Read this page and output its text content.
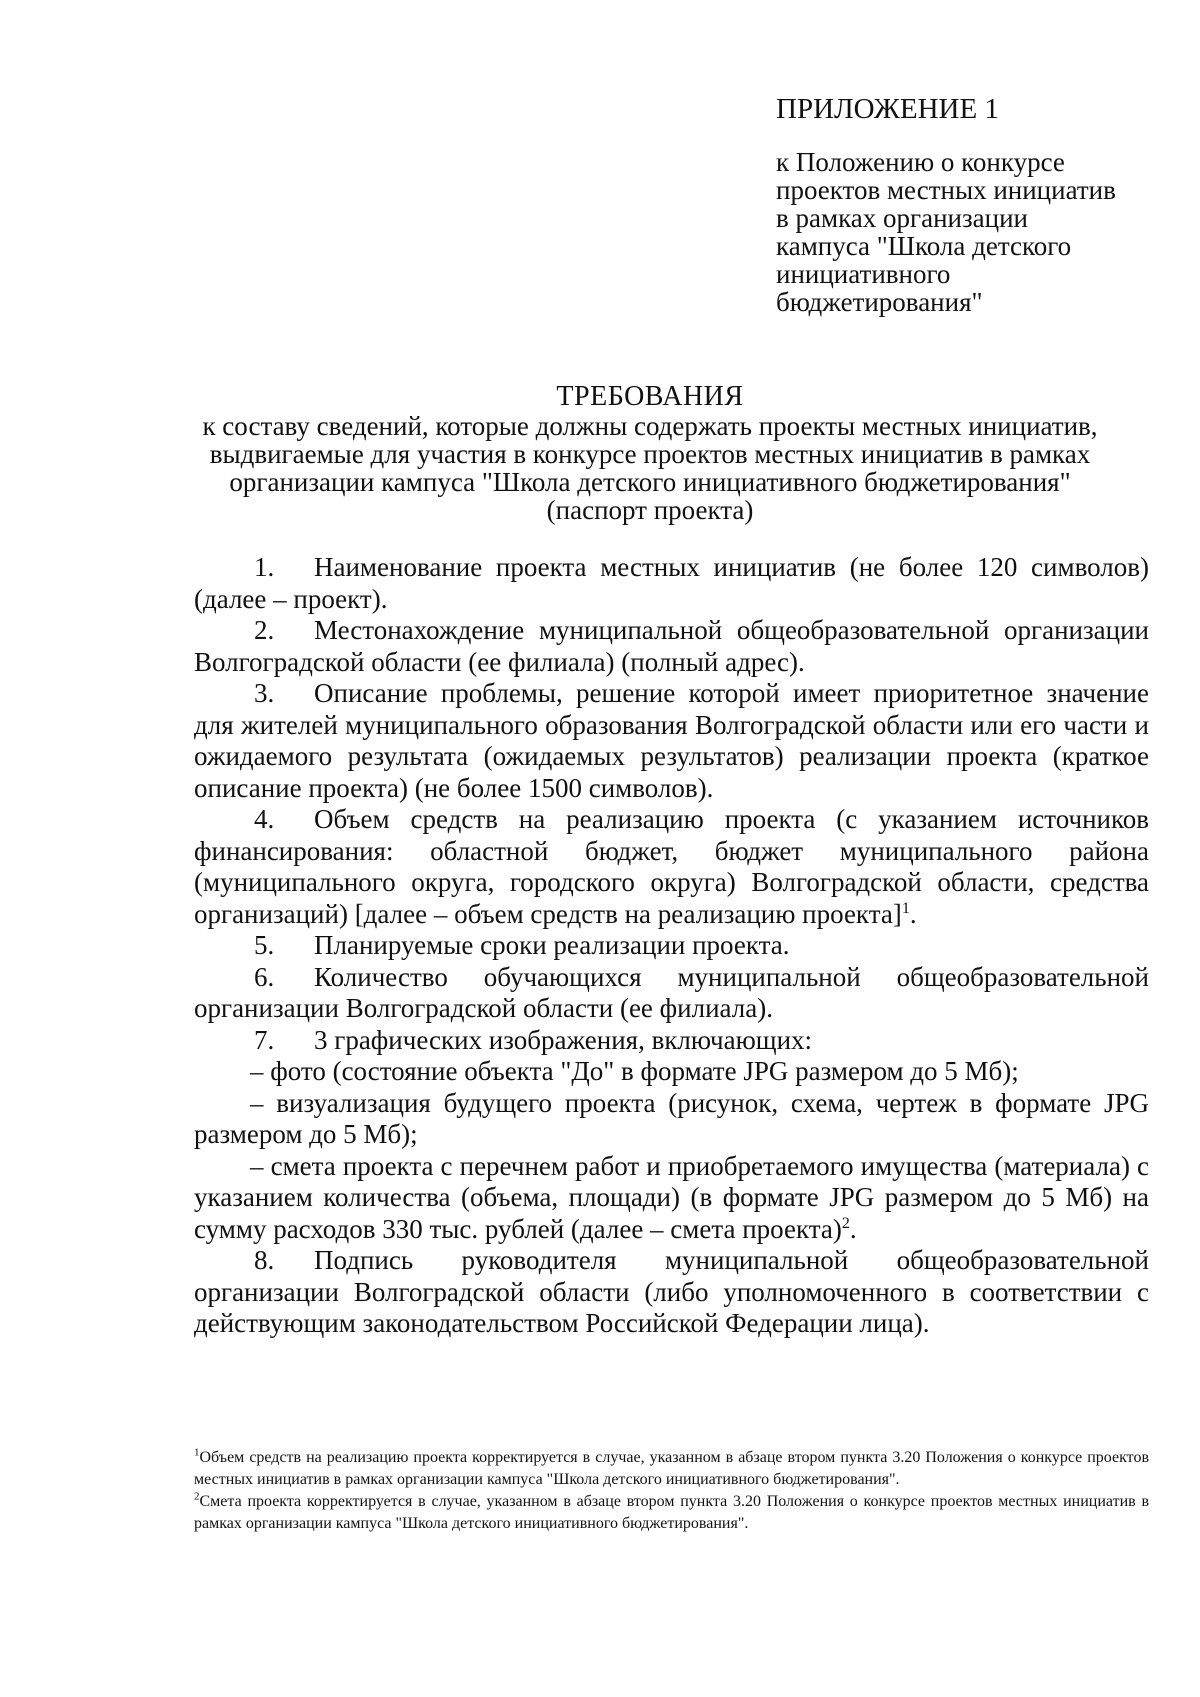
ПРИЛОЖЕНИЕ 1

к Положению о конкурсе

проектов местных инициатив

в рамках организации

кампуса "Школа детского

инициативного

бюджетирования"

ТРЕБОВАНИЯ

к составу сведений, которые должны содержать проекты местных инициатив,

выдвигаемые для участия в конкурсе проектов местных инициатив в рамках

организации кампуса "Школа детского инициативного бюджетирования"

(паспорт проекта)

1. Наименование проекта местных инициатив (не более 120 символов) (далее – проект).

2. Местонахождение муниципальной общеобразовательной организации Волгоградской области (ее филиала) (полный адрес).

3. Описание проблемы, решение которой имеет приоритетное значение для жителей муниципального образования Волгоградской области или его части и ожидаемого результата (ожидаемых результатов) реализации проекта (краткое описание проекта) (не более 1500 символов).

4. Объем средств на реализацию проекта (с указанием источников финансирования: областной бюджет, бюджет муниципального района (муниципального округа, городского округа) Волгоградской области, средства организаций) [далее – объем средств на реализацию проекта]$^1$.

5. Планируемые сроки реализации проекта.

6. Количество обучающихся муниципальной общеобразовательной организации Волгоградской области (ее филиала).

7. 3 графических изображения, включающих:

– фото (состояние объекта "До" в формате JPG размером до 5 Мб);

– визуализация будущего проекта (рисунок, схема, чертеж в формате JPG размером до 5 Мб);

– смета проекта с перечнем работ и приобретаемого имущества (материала) с указанием количества (объема, площади) (в формате JPG размером до 5 Мб) на сумму расходов 330 тыс. рублей (далее – смета проекта)$^2$.

8. Подпись руководителя муниципальной общеобразовательной организации Волгоградской области (либо уполномоченного в соответствии с действующим законодательством Российской Федерации лица).

$^1$Объем средств на реализацию проекта корректируется в случае, указанном в абзаце втором пункта 3.20 Положения о конкурсе проектов местных инициатив в рамках организации кампуса "Школа детского инициативного бюджетирования".

$^2$Смета проекта корректируется в случае, указанном в абзаце втором пункта 3.20 Положения о конкурсе проектов местных инициатив в рамках организации кампуса "Школа детского инициативного бюджетирования".
